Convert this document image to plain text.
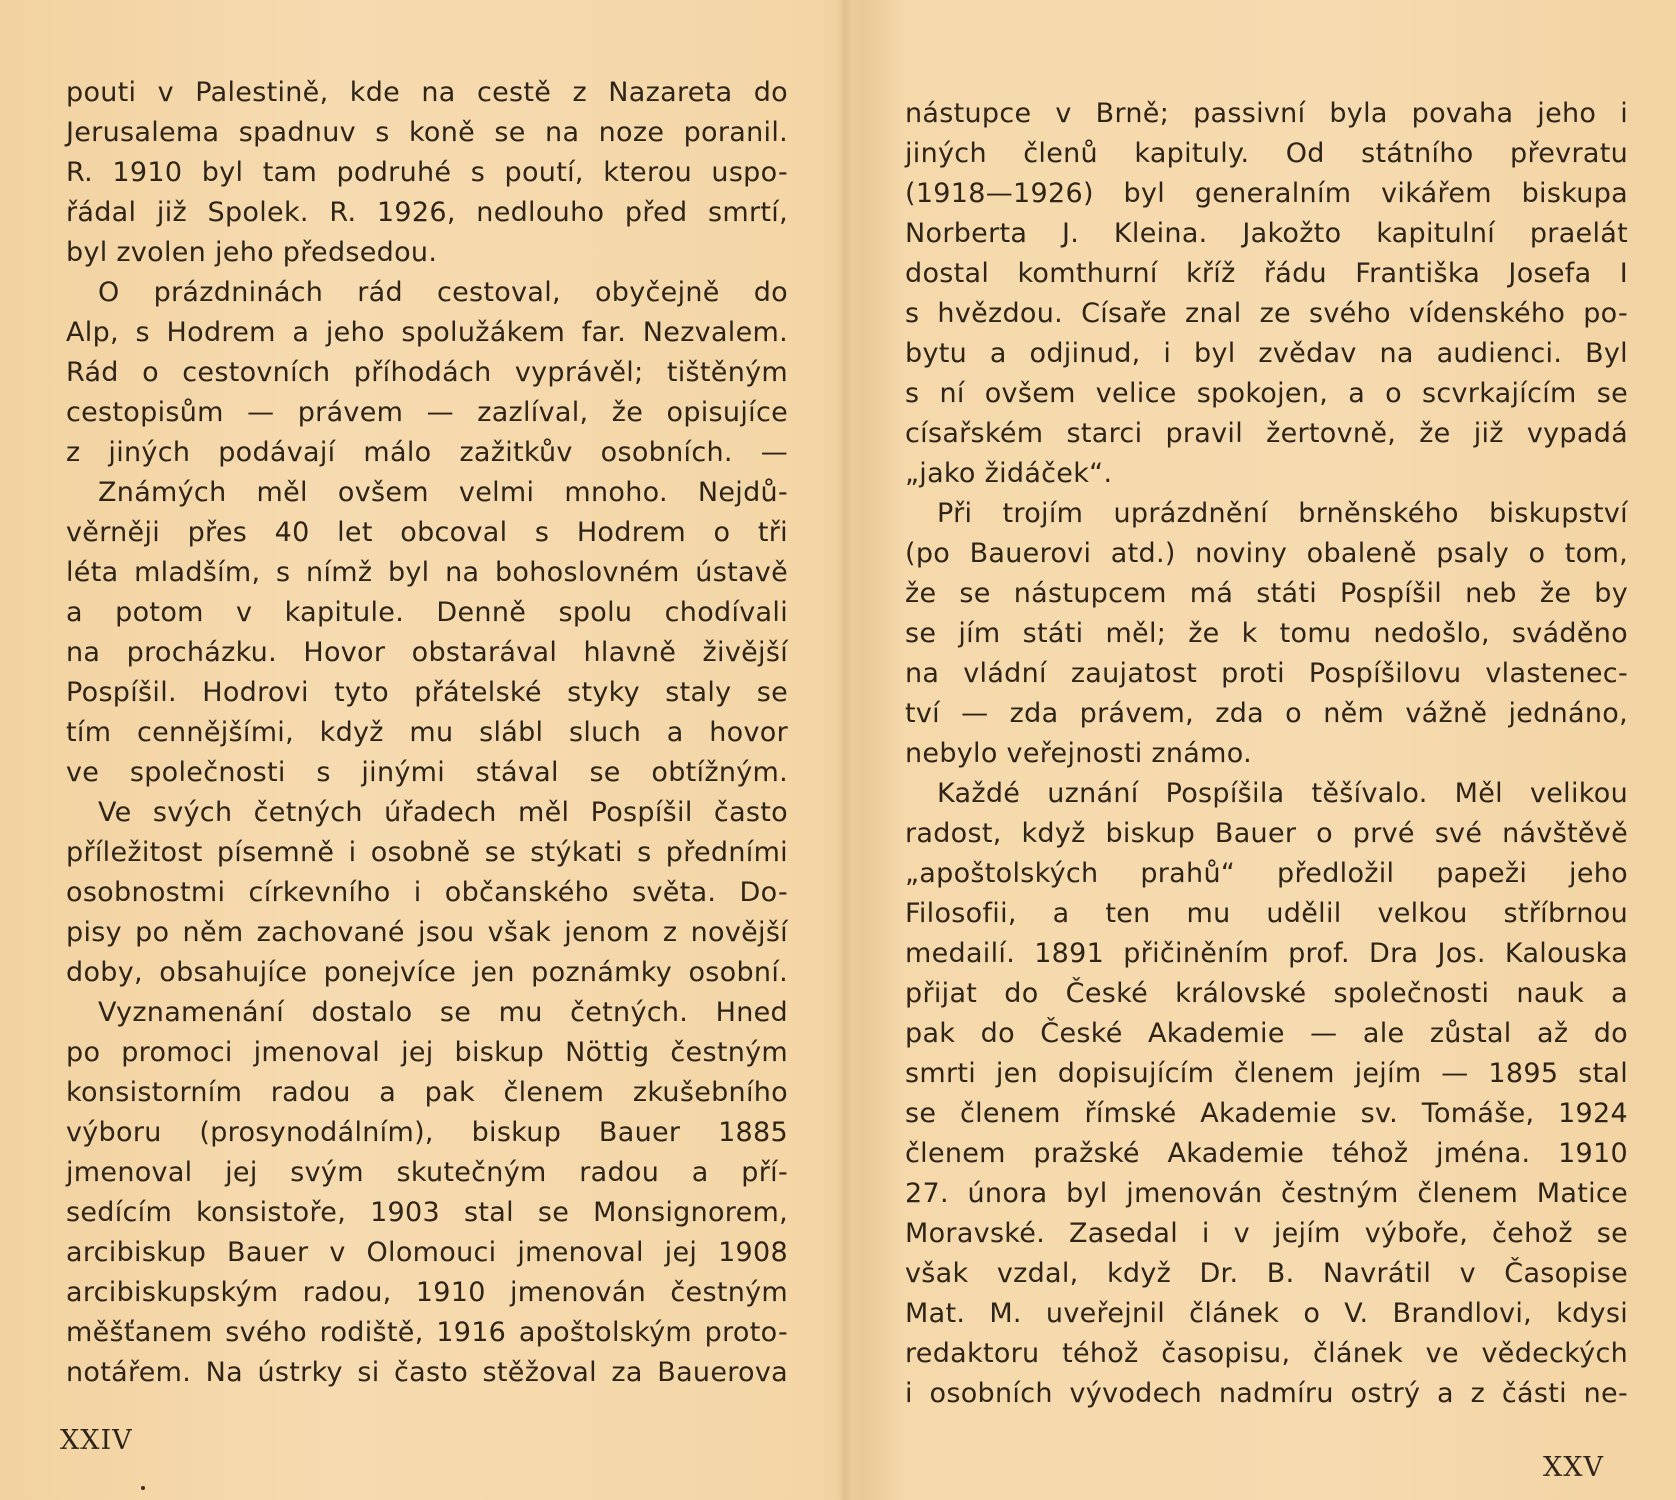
pouti v Palestině, kde na cestě z Nazareta do
Jerusalema spadnuv s koně se na noze poranil.
R. 1910 byl tam podruhé s poutí, kterou uspo-
řádal již Spolek. R. 1926, nedlouho před smrtí,
byl zvolen jeho předsedou.
O prázdninách rád cestoval, obyčejně do
Alp, s Hodrem a jeho spolužákem far. Nezvalem.
Rád o cestovních příhodách vyprávěl; tištěným
cestopisům — právem — zazlíval, že opisujíce
z jiných podávají málo zažitkův osobních. —
Známých měl ovšem velmi mnoho. Nejdů-
věrněji přes 40 let obcoval s Hodrem o tři
léta mladším, s nímž byl na bohoslovném ústavě
a potom v kapitule. Denně spolu chodívali
na procházku. Hovor obstarával hlavně živější
Pospíšil. Hodrovi tyto přátelské styky staly se
tím cennějšími, když mu slábl sluch a hovor
ve společnosti s jinými stával se obtížným.
Ve svých četných úřadech měl Pospíšil často
příležitost písemně i osobně se stýkati s předními
osobnostmi církevního i občanského světa. Do-
pisy po něm zachované jsou však jenom z novější
doby, obsahujíce ponejvíce jen poznámky osobní.
Vyznamenání dostalo se mu četných. Hned
po promoci jmenoval jej biskup Nöttig čestným
konsistorním radou a pak členem zkušebního
výboru (prosynodálním), biskup Bauer 1885
jmenoval jej svým skutečným radou a pří-
sedícím konsistoře, 1903 stal se Monsignorem,
arcibiskup Bauer v Olomouci jmenoval jej 1908
arcibiskupským radou, 1910 jmenován čestným
měšťanem svého rodiště, 1916 apoštolským proto-
notářem. Na ústrky si často stěžoval za Bauerova
nástupce v Brně; passivní byla povaha jeho i
jiných členů kapituly. Od státního převratu
(1918—1926) byl generalním vikářem biskupa
Norberta J. Kleina. Jakožto kapitulní praelát
dostal komthurní kříž řádu Františka Josefa I
s hvězdou. Císaře znal ze svého vídenského po-
bytu a odjinud, i byl zvědav na audienci. Byl
s ní ovšem velice spokojen, a o scvrkajícím se
císařském starci pravil žertovně, že již vypadá
„jako židáček“.
Při trojím uprázdnění brněnského biskupství
(po Bauerovi atd.) noviny obaleně psaly o tom,
že se nástupcem má státi Pospíšil neb že by
se jím státi měl; že k tomu nedošlo, sváděno
na vládní zaujatost proti Pospíšilovu vlastenec-
tví — zda právem, zda o něm vážně jednáno,
nebylo veřejnosti známo.
Každé uznání Pospíšila těšívalo. Měl velikou
radost, když biskup Bauer o prvé své návštěvě
„apoštolských prahů“ předložil papeži jeho
Filosofii, a ten mu udělil velkou stříbrnou
medailí. 1891 přičiněním prof. Dra Jos. Kalouska
přijat do České královské společnosti nauk a
pak do České Akademie — ale zůstal až do
smrti jen dopisujícím členem jejím — 1895 stal
se členem římské Akademie sv. Tomáše, 1924
členem pražské Akademie téhož jména. 1910
27. února byl jmenován čestným členem Matice
Moravské. Zasedal i v jejím výboře, čehož se
však vzdal, když Dr. B. Navrátil v Časopise
Mat. M. uveřejnil článek o V. Brandlovi, kdysi
redaktoru téhož časopisu, článek ve vědeckých
i osobních vývodech nadmíru ostrý a z části ne-
XXIV
XXV
